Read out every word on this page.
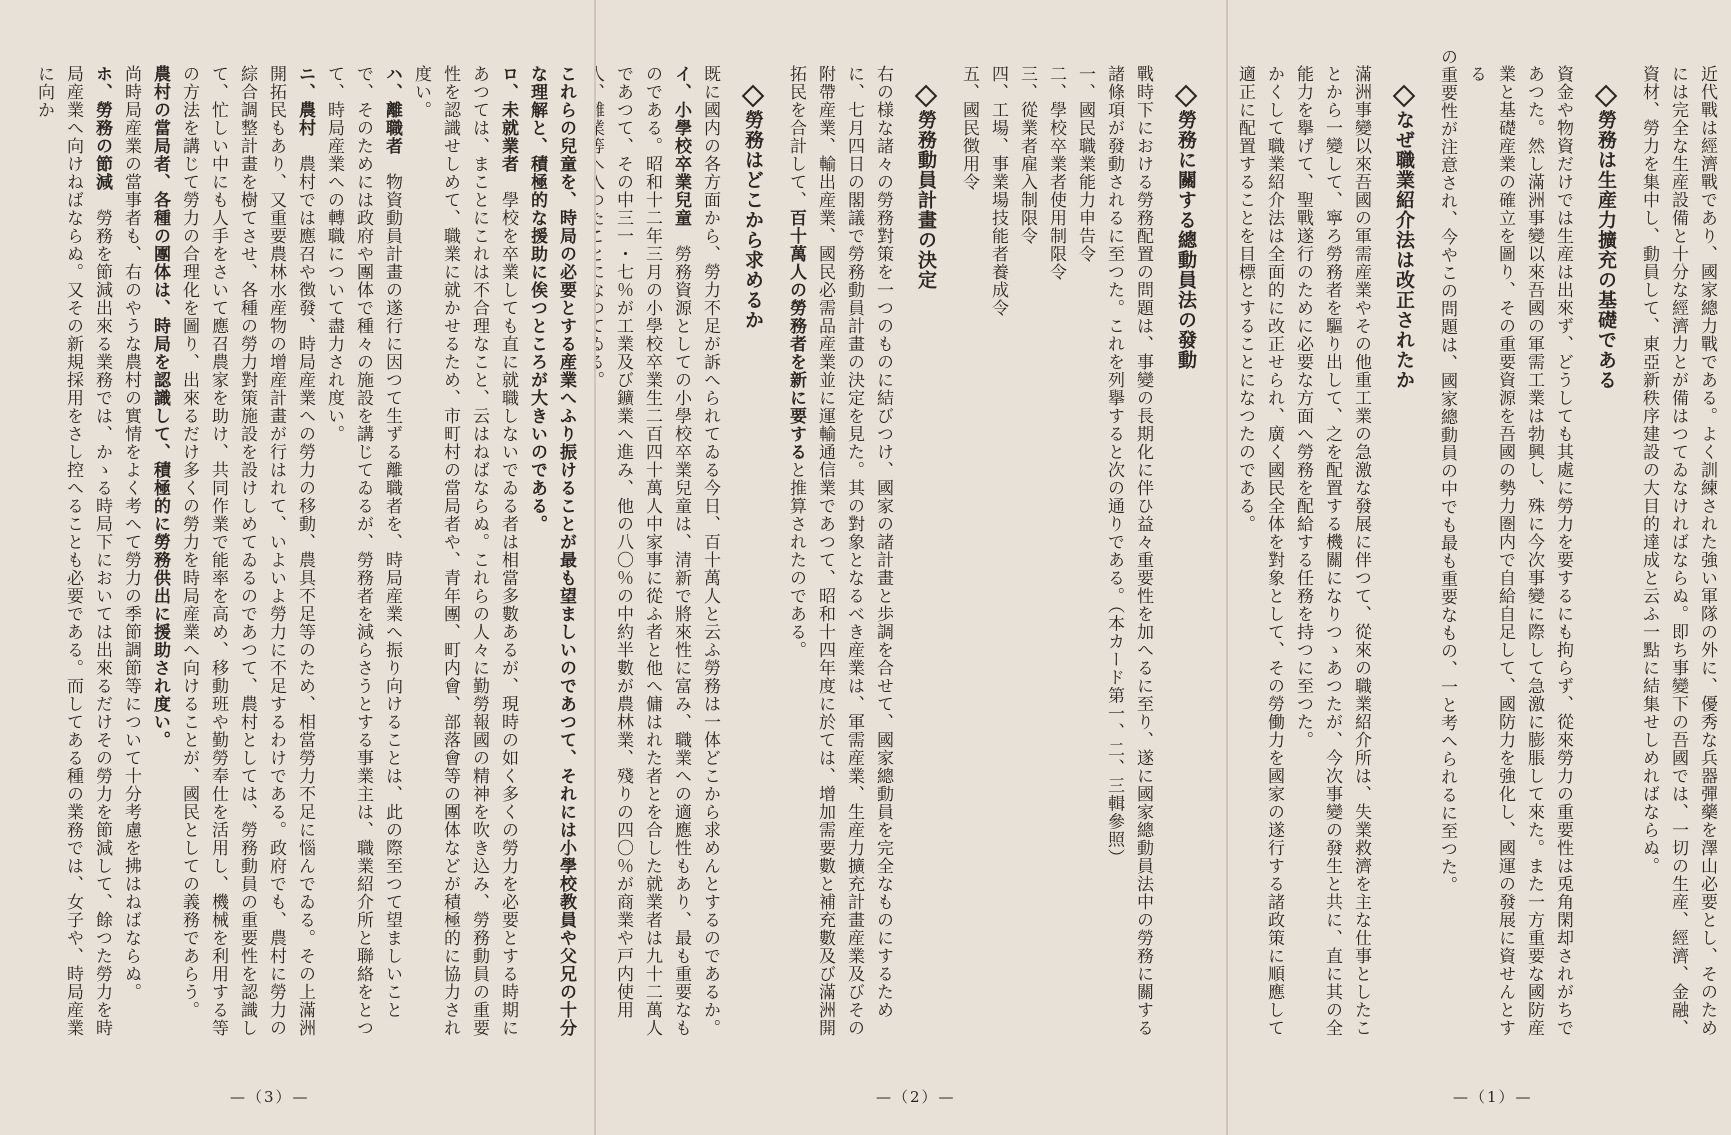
近代戰は經濟戰であり、國家總力戰である。よく訓練された強い軍隊の外に、優秀な兵器彈藥を澤山必要とし、そのためには完全な生産設備と十分な經濟力とが備はつてゐなければならぬ。即ち事變下の吾國では、一切の生産、經濟、金融、資材、勞力を集中し、動員して、東亞新秩序建設の大目的達成と云ふ一點に結集せしめればならぬ。

勞務は生産力擴充の基礎である

資金や物資だけでは生産は出來ず、どうしても其處に勞力を要するにも拘らず、從來勞力の重要性は兎角閑却されがちであつた。然し滿洲事變以來吾國の軍需工業は勃興し、殊に今次事變に際して急激に膨脹して來た。また一方重要な國防産業と基礎産業の確立を圖り、その重要資源を吾國の勢力圏内で自給自足して、國防力を強化し、國運の發展に資せんとする

の重要性が注意され、今やこの問題は、國家總動員の中でも最も重要なもの、一と考へられるに至つた。

なぜ職業紹介法は改正されたか

滿洲事變以來吾國の軍需産業やその他重工業の急激な發展に伴つて、從來の職業紹介所は、失業救濟を主な仕事としたことから一變して、寧ろ勞務者を驅り出して、之を配置する機關になりつゝあつたが、今次事變の發生と共に、直に其の全能力を擧げて、聖戰遂行のために必要な方面へ勞務を配給する任務を持つに至つた。

かくして職業紹介法は全面的に改正せられ、廣く國民全体を對象として、その勞働力を國家の遂行する諸政策に順應して適正に配置することを目標とすることになつたのである。

—（1）—

勞務に關する總動員法の發動

戰時下における勞務配置の問題は、事變の長期化に伴ひ益々重要性を加へるに至り、遂に國家總動員法中の勞務に關する諸條項が發動されるに至つた。これを列擧すると次の通りである。（本カード第一、二、三輯參照）

一、國民職業能力申告令

二、學校卒業者使用制限令

三、從業者雇入制限令

四、工場、事業場技能者養成令

五、國民徴用令

勞務動員計畫の決定

右の様な諸々の勞務對策を一つのものに結びつけ、國家の諸計畫と歩調を合せて、國家總動員を完全なものにするために、七月四日の閣議で勞務動員計畫の決定を見た。其の對象となるべき産業は、軍需産業、生産力擴充計畫産業及びその附帶産業、輸出産業、國民必需品産業並に運輸通信業であつて、昭和十四年度に於ては、增加需要數と補充數及び滿洲開拓民を合計して、百十萬人の勞務者を新に要すると推算されたのである。

勞務はどこから求めるか

既に國内の各方面から、勞力不足が訴へられてゐる今日、百十萬人と云ふ勞務は一体どこから求めんとするのであるか。

イ、小學校卒業兒童　勞務資源としての小學校卒業兒童は、清新で將來性に富み、職業への適應性もあり、最も重要なものである。昭和十二年三月の小學校卒業生二百四十萬人中家事に從ふ者と他へ傭はれた者とを合した就業者は九十二萬人であつて、その中三一・七％が工業及び鑛業へ進み、他の八〇％の中約半數が農林業、殘りの四〇％が商業や戸内使用

—（2）—

これらの兒童を、時局の必要とする産業へふり振けることが最も望ましいのであつて、それには小學校教員や父兄の十分な理解と、積極的な援助に俟つところが大きいのである。

ロ、未就業者　學校を卒業しても直に就職しないでゐる者は相當多數あるが、現時の如く多くの勞力を必要とする時期にあつては、まことにこれは不合理なこと、云はねばならぬ。これらの人々に勤勞報國の精神を吹き込み、勞務動員の重要性を認識せしめて、職業に就かせるため、市町村の當局者や、青年團、町内會、部落會等の團体などが積極的に協力され度い。

ハ、離職者　物資動員計畫の遂行に因つて生ずる離職者を、時局産業へ振り向けることは、此の際至つて望ましいことで、そのためには政府や團体で種々の施設を講じてゐるが、勞務者を減らさうとする事業主は、職業紹介所と聯絡をとつて、時局産業への轉職について盡力され度い。

ニ、農村　農村では應召や徴發、時局産業への勞力の移動、農具不足等のため、相當勞力不足に惱んでゐる。その上滿洲開拓民もあり、又重要農林水産物の增産計畫が行はれて、いよいよ勞力に不足するわけである。政府でも、農村に勞力の綜合調整計畫を樹てさせ、各種の勞力對策施設を設けしめてゐるのであつて、農村としては、勞務動員の重要性を認識して、忙しい中にも人手をさいて應召農家を助け、共同作業で能率を高め、移動班や勤勞奉仕を活用し、機械を利用する等の方法を講じて勞力の合理化を圖り、出來るだけ多くの勞力を時局産業へ向けることが、國民としての義務であらう。

農村の當局者、各種の團体は、時局を認識して、積極的に勞務供出に援助され度い。

尚時局産業の當事者も、右のやうな農村の實情をよく考へて勞力の季節調節等について十分考慮を拂はねばならぬ。

ホ、勞務の節減　勞務を節減出來る業務では、かゝる時局下においては出來るだけその勞力を節減して、餘つた勞力を時局産業へ向けねばならぬ。又その新規採用をさし控へることも必要である。而してある種の業務では、女子や、時局産業に向か

—（3）—
